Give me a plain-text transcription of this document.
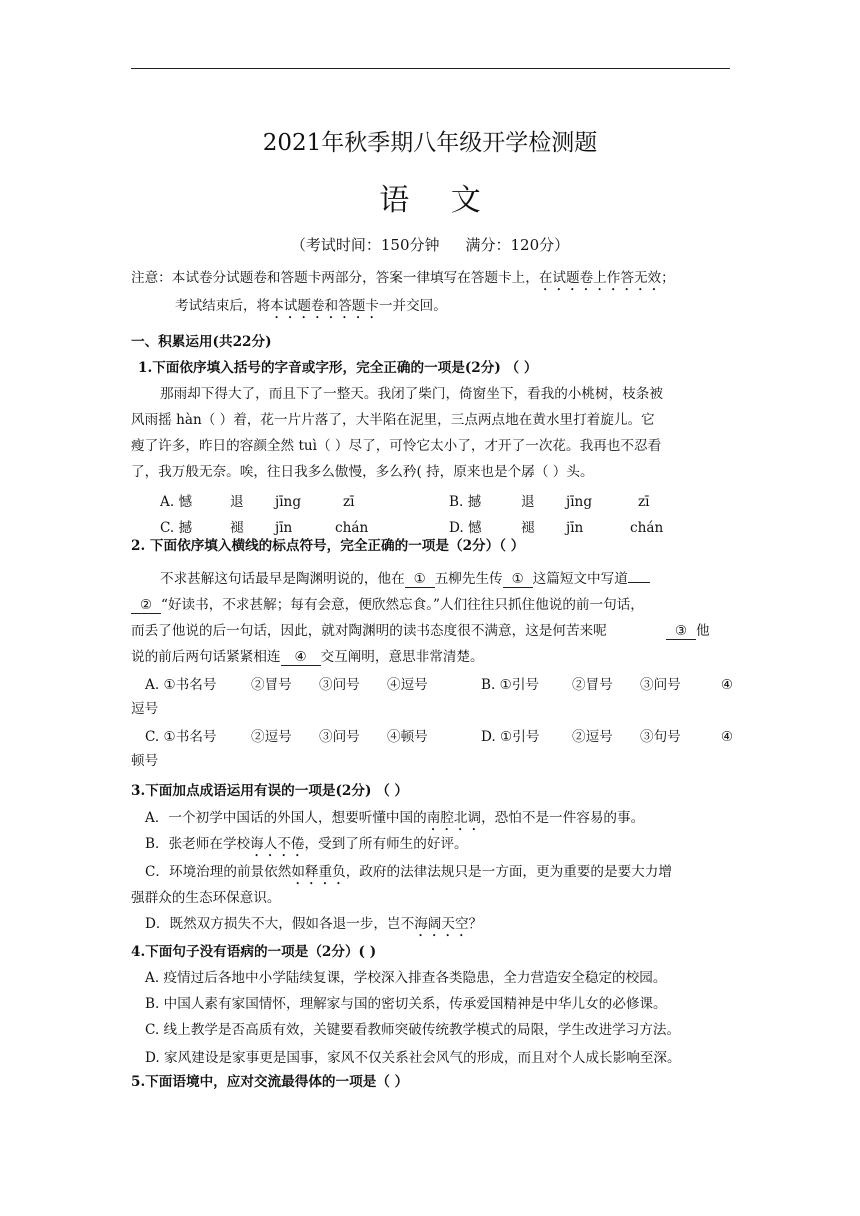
2021年秋季期八年级开学检测题
语 文
（考试时间：150分钟 满分：120分）
注意：本试卷分试题卷和答题卡两部分，答案一律填写在答题卡上，在试题卷上作答无效；
考试结束后，将本试题卷和答题卡一并交回。
一、积累运用(共22分)
1.下面依序填入括号的字音或字形，完全正确的一项是(2分) （ ）
那雨却下得大了，而且下了一整天。我闭了柴门，倚窗坐下，看我的小桃树，枝条被
风雨摇 hàn（ ）着，花一片片落了，大半陷在泥里，三点两点地在黄水里打着旋儿。它
瘦了许多，昨日的容颜全然 tuì（ ）尽了，可怜它太小了，才开了一次花。我再也不忍看
了，我万般无奈。唉，往日我多么傲慢，多么矜( 持，原来也是个孱（ ）头。
A. 憾	退 jīng	zī	B. 撼	退 jīng	zī
C. 撼	褪 jīn	chán	D. 憾	褪 jīn	chán
2. 下面依序填入横线的标点符号，完全正确的一项是（2分）（ ）
不求甚解这句话最早是陶渊明说的，他在 ① 五柳先生传 ① 这篇短文中写道
② “好读书，不求甚解；每有会意，便欣然忘食。”人们往往只抓住他说的前一句话，
而丢了他说的后一句话，因此，就对陶渊明的读书态度很不满意，这是何苦来呢	③ 他
说的前后两句话紧紧相连 ④ 交互阐明，意思非常清楚。
A. ①书名号	②冒号 ③问号 ④逗号	B. ①引号 ②冒号 ③问号	④
逗号
C. ①书名号	②逗号 ③问号 ④顿号	D. ①引号 ②逗号 ③句号	④
顿号
3.下面加点成语运用有误的一项是(2分) （ ）
A．一个初学中国话的外国人，想要听懂中国的南腔北调，恐怕不是一件容易的事。
B．张老师在学校诲人不倦，受到了所有师生的好评。
C．环境治理的前景依然如释重负，政府的法律法规只是一方面，更为重要的是要大力增
强群众的生态环保意识。
D．既然双方损失不大，假如各退一步，岂不海阔天空？
4.下面句子没有语病的一项是（2分）( )
A. 疫情过后各地中小学陆续复课，学校深入排查各类隐患，全力营造安全稳定的校园。
B. 中国人素有家国情怀，理解家与国的密切关系，传承爱国精神是中华儿女的必修课。
C. 线上教学是否高质有效，关键要看教师突破传统教学模式的局限，学生改进学习方法。
D. 家风建设是家事更是国事，家风不仅关系社会风气的形成，而且对个人成长影响至深。
5.下面语境中，应对交流最得体的一项是（ ）
